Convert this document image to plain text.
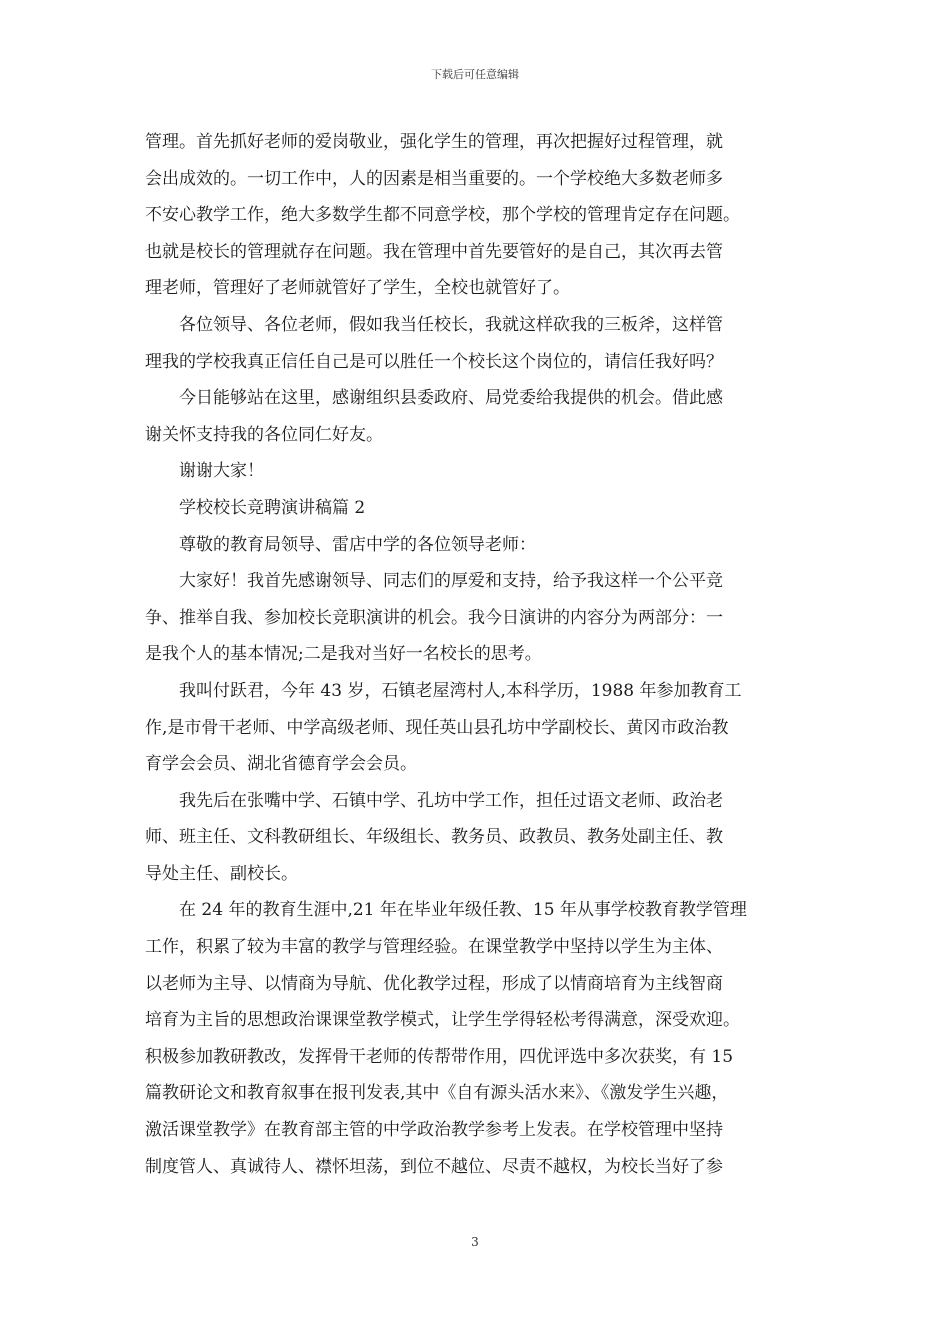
下载后可任意编辑
管理。首先抓好老师的爱岗敬业，强化学生的管理，再次把握好过程管理，就
会出成效的。一切工作中，人的因素是相当重要的。一个学校绝大多数老师多
不安心教学工作，绝大多数学生都不同意学校，那个学校的管理肯定存在问题。
也就是校长的管理就存在问题。我在管理中首先要管好的是自己，其次再去管
理老师，管理好了老师就管好了学生，全校也就管好了。
各位领导、各位老师，假如我当任校长，我就这样砍我的三板斧，这样管
理我的学校我真正信任自己是可以胜任一个校长这个岗位的，请信任我好吗？
今日能够站在这里，感谢组织县委政府、局党委给我提供的机会。借此感
谢关怀支持我的各位同仁好友。
谢谢大家！
学校校长竞聘演讲稿篇 2
尊敬的教育局领导、雷店中学的各位领导老师：
大家好！我首先感谢领导、同志们的厚爱和支持，给予我这样一个公平竞
争、推举自我、参加校长竞职演讲的机会。我今日演讲的内容分为两部分：一
是我个人的基本情况;二是我对当好一名校长的思考。
我叫付跃君，今年 43 岁，石镇老屋湾村人,本科学历，1988 年参加教育工
作,是市骨干老师、中学高级老师、现任英山县孔坊中学副校长、黄冈市政治教
育学会会员、湖北省德育学会会员。
我先后在张嘴中学、石镇中学、孔坊中学工作，担任过语文老师、政治老
师、班主任、文科教研组长、年级组长、教务员、政教员、教务处副主任、教
导处主任、副校长。
在 24 年的教育生涯中,21 年在毕业年级任教、15 年从事学校教育教学管理
工作，积累了较为丰富的教学与管理经验。在课堂教学中坚持以学生为主体、
以老师为主导、以情商为导航、优化教学过程，形成了以情商培育为主线智商
培育为主旨的思想政治课课堂教学模式，让学生学得轻松考得满意，深受欢迎。
积极参加教研教改，发挥骨干老师的传帮带作用，四优评选中多次获奖，有 15
篇教研论文和教育叙事在报刊发表,其中《自有源头活水来》、《激发学生兴趣，
激活课堂教学》在教育部主管的中学政治教学参考上发表。在学校管理中坚持
制度管人、真诚待人、襟怀坦荡，到位不越位、尽责不越权，为校长当好了参
3
